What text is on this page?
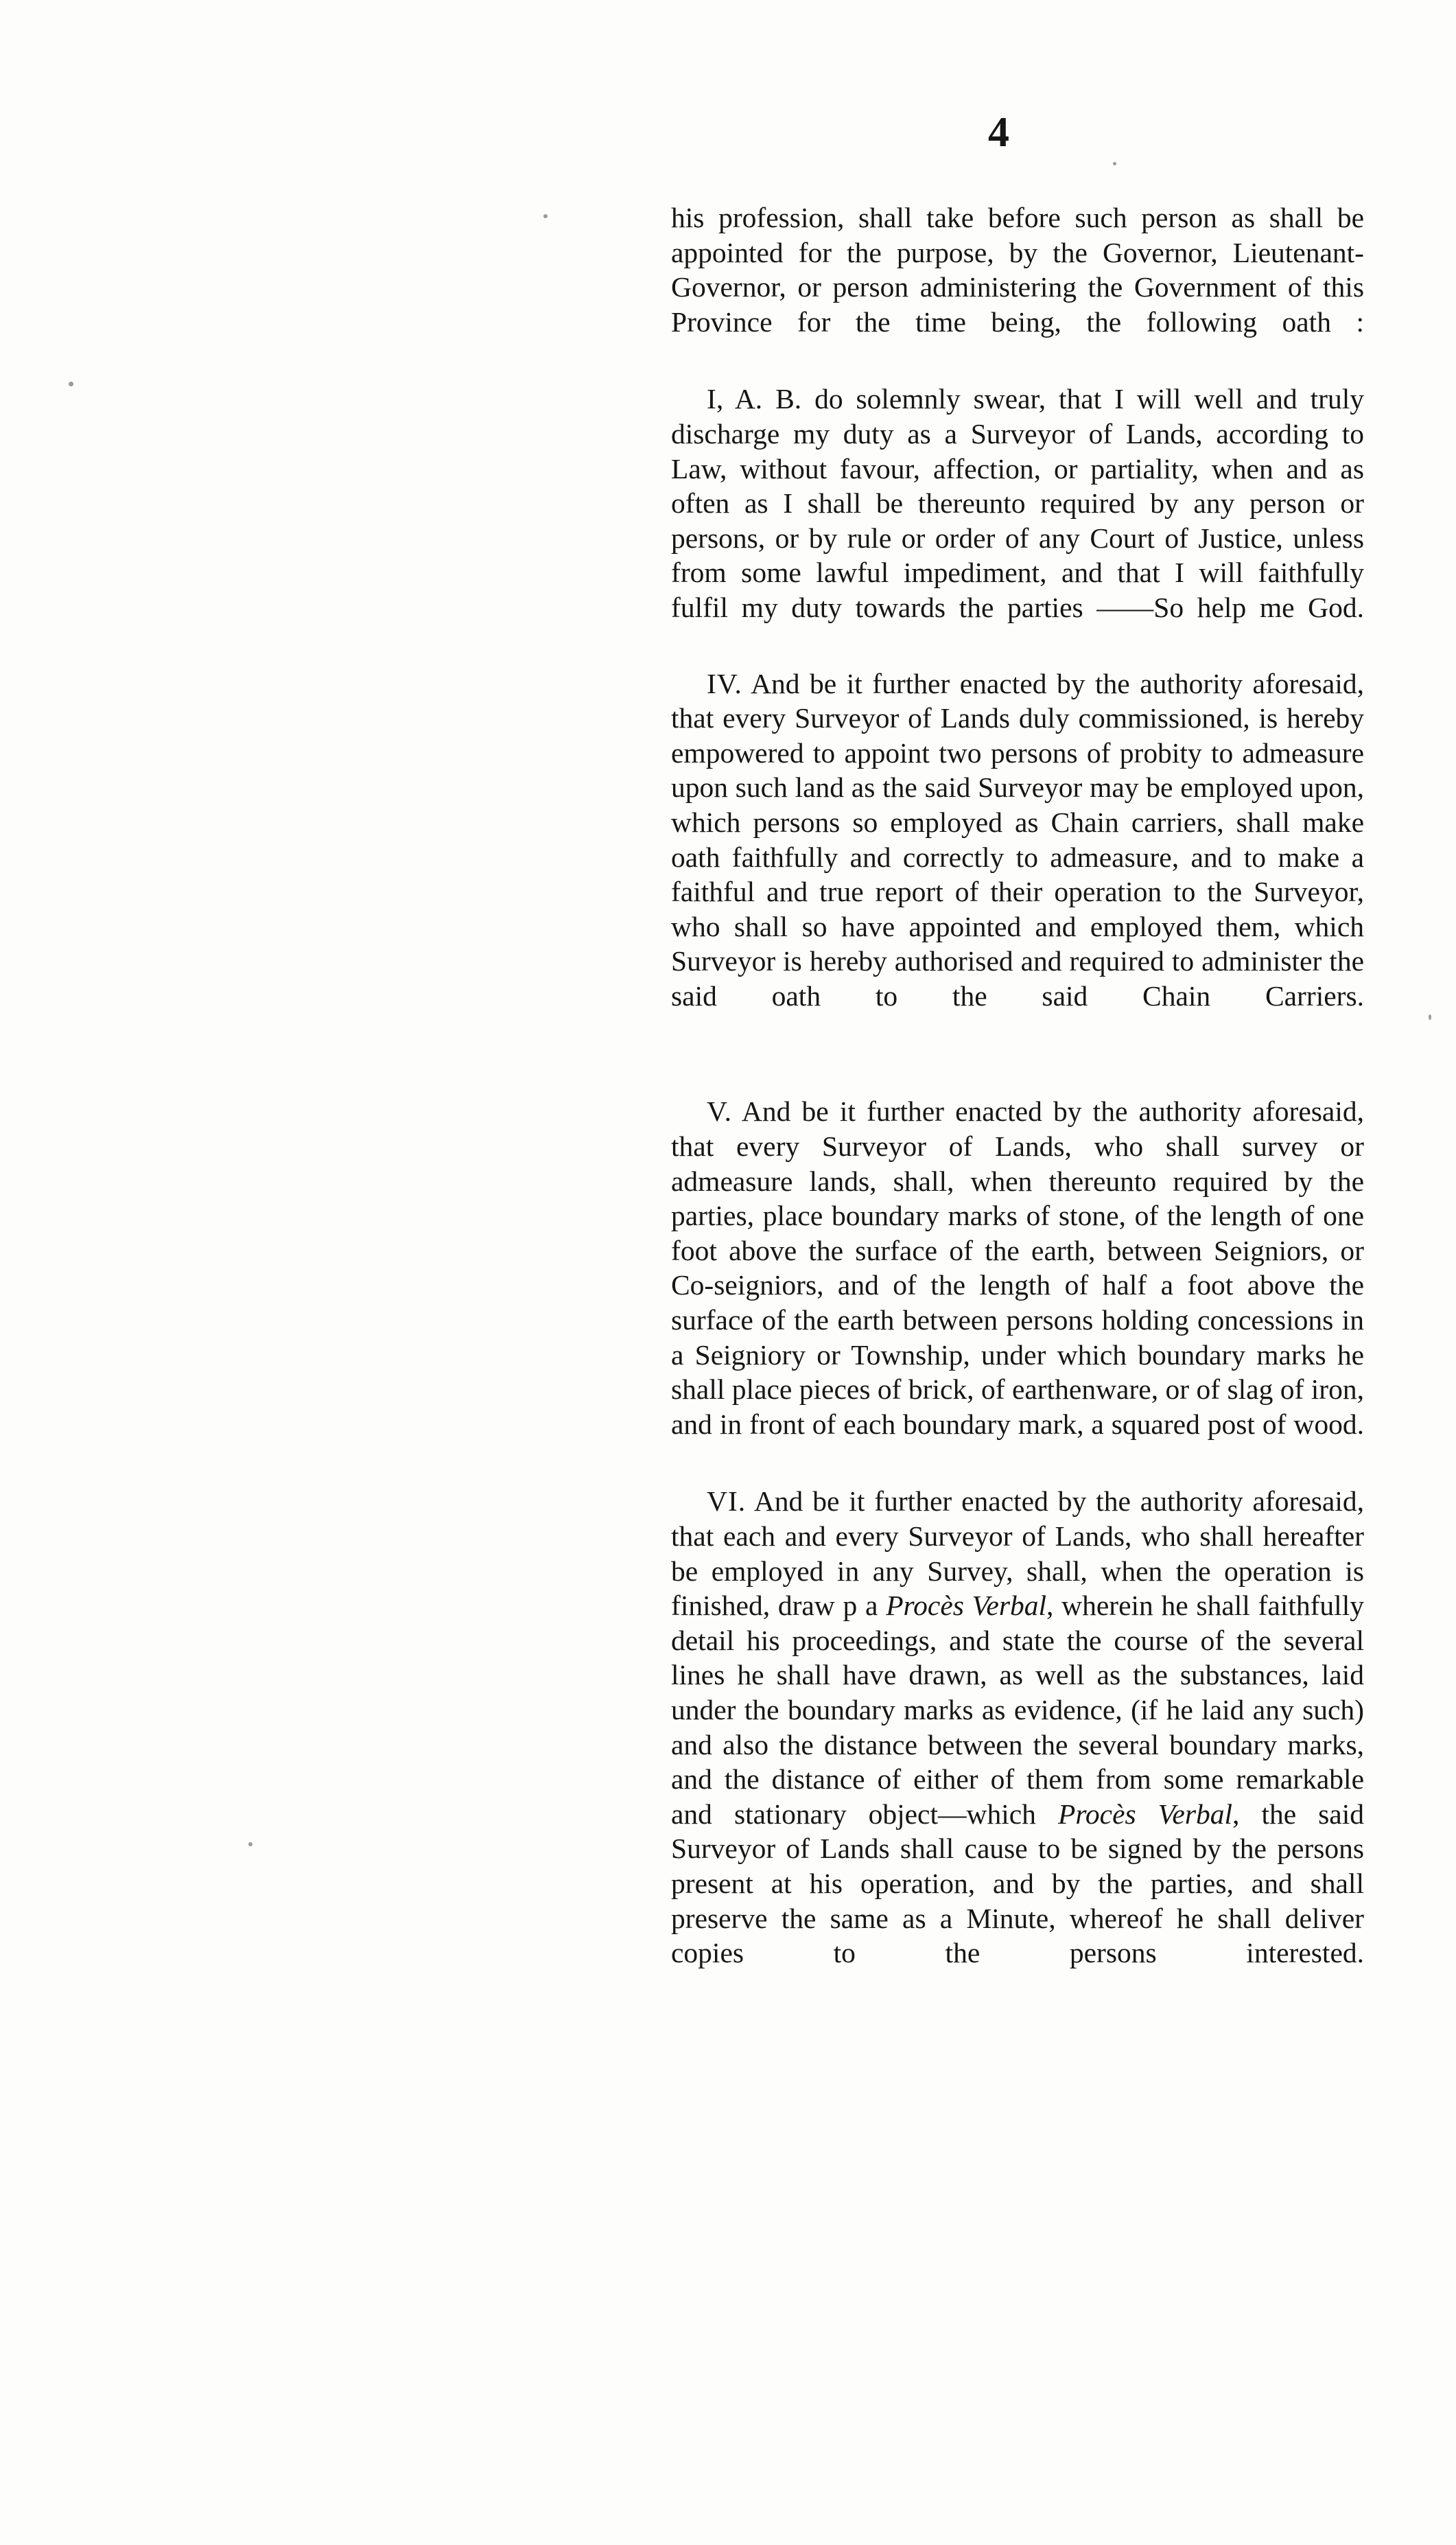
4

his profession, shall take before such person as shall be appointed for the purpose, by the Governor, Lieutenant-Governor, or person administering the Government of this Province for the time being, the following oath :

I, A. B. do solemnly swear, that I will well and truly discharge my duty as a Surveyor of Lands, according to Law, without favour, affection, or partiality, when and as often as I shall be thereunto required by any person or persons, or by rule or order of any Court of Justice, unless from some lawful impediment, and that I will faithfully fulfil my duty towards the parties ——So help me God.

IV. And be it further enacted by the authority aforesaid, that every Surveyor of Lands duly commissioned, is hereby empowered to appoint two persons of probity to admeasure upon such land as the said Surveyor may be employed upon, which persons so employed as Chain carriers, shall make oath faithfully and correctly to admeasure, and to make a faithful and true report of their operation to the Surveyor, who shall so have appointed and employed them, which Surveyor is hereby authorised and required to administer the said oath to the said Chain Carriers.

V. And be it further enacted by the authority aforesaid, that every Surveyor of Lands, who shall survey or admeasure lands, shall, when thereunto required by the parties, place boundary marks of stone, of the length of one foot above the surface of the earth, between Seigniors, or Co-seigniors, and of the length of half a foot above the surface of the earth between persons holding concessions in a Seigniory or Township, under which boundary marks he shall place pieces of brick, of earthenware, or of slag of iron, and in front of each boundary mark, a squared post of wood.

VI. And be it further enacted by the authority aforesaid, that each and every Surveyor of Lands, who shall hereafter be employed in any Survey, shall, when the operation is finished, draw p a Procès Verbal, wherein he shall faithfully detail his proceedings, and state the course of the several lines he shall have drawn, as well as the substances, laid under the boundary marks as evidence, (if he laid any such) and also the distance between the several boundary marks, and the distance of either of them from some remarkable and stationary object—which Procès Verbal, the said Surveyor of Lands shall cause to be signed by the persons present at his operation, and by the parties, and shall preserve the same as a Minute, whereof he shall deliver copies to the persons interested.
